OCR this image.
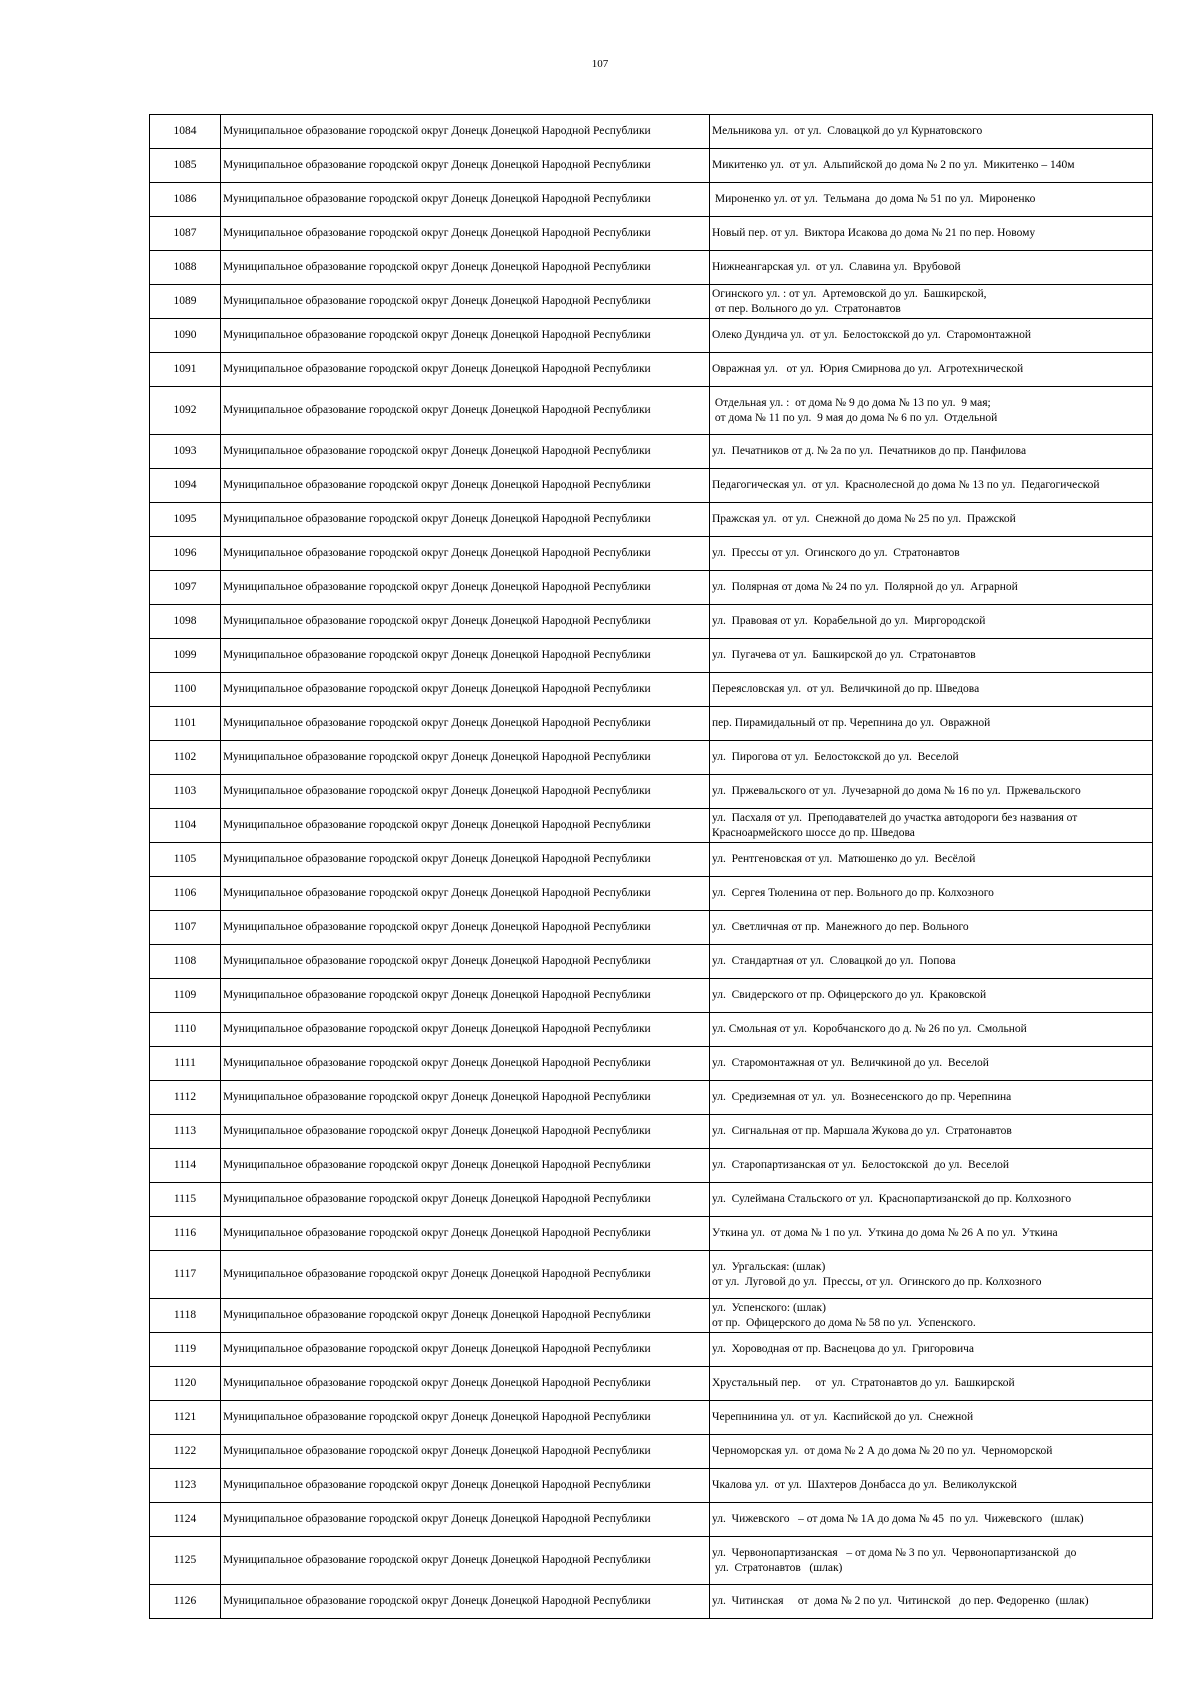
107
1084	Муниципальное образование городской округ Донецк Донецкой Народной Республики	Мельникова ул.  от ул.  Словацкой до ул Курнатовского
1085	Муниципальное образование городской округ Донецк Донецкой Народной Республики	Микитенко ул.  от ул.  Альпийской до дома № 2 по ул.  Микитенко – 140м
1086	Муниципальное образование городской округ Донецк Донецкой Народной Республики	Мироненко ул. от ул.  Тельмана  до дома № 51 по ул.  Мироненко
1087	Муниципальное образование городской округ Донецк Донецкой Народной Республики	Новый пер. от ул.  Виктора Исакова до дома № 21 по пер. Новому
1088	Муниципальное образование городской округ Донецк Донецкой Народной Республики	Нижнеангарская ул.  от ул.  Славина ул.  Врубовой
1089	Муниципальное образование городской округ Донецк Донецкой Народной Республики	Огинского ул. : от ул.  Артемовской до ул.  Башкирской,
от пер. Вольного до ул.  Стратонавтов
1090	Муниципальное образование городской округ Донецк Донецкой Народной Республики	Олеко Дундича ул.  от ул.  Белостокской до ул.  Старомонтажной
1091	Муниципальное образование городской округ Донецк Донецкой Народной Республики	Овражная ул.   от ул.  Юрия Смирнова до ул.  Агротехнической
1092	Муниципальное образование городской округ Донецк Донецкой Народной Республики	Отдельная ул. :  от дома № 9 до дома № 13 по ул.  9 мая;
от дома № 11 по ул.  9 мая до дома № 6 по ул.  Отдельной
1093	Муниципальное образование городской округ Донецк Донецкой Народной Республики	ул.  Печатников от д. № 2а по ул.  Печатников до пр. Панфилова
1094	Муниципальное образование городской округ Донецк Донецкой Народной Республики	Педагогическая ул.  от ул.  Краснолесной до дома № 13 по ул.  Педагогической
1095	Муниципальное образование городской округ Донецк Донецкой Народной Республики	Пражская ул.  от ул.  Снежной до дома № 25 по ул.  Пражской
1096	Муниципальное образование городской округ Донецк Донецкой Народной Республики	ул.  Прессы от ул.  Огинского до ул.  Стратонавтов
1097	Муниципальное образование городской округ Донецк Донецкой Народной Республики	ул.  Полярная от дома № 24 по ул.  Полярной до ул.  Аграрной
1098	Муниципальное образование городской округ Донецк Донецкой Народной Республики	ул.  Правовая от ул.  Корабельной до ул.  Миргородской
1099	Муниципальное образование городской округ Донецк Донецкой Народной Республики	ул.  Пугачева от ул.  Башкирской до ул.  Стратонавтов
1100	Муниципальное образование городской округ Донецк Донецкой Народной Республики	Переясловская ул.  от ул.  Величкиной до пр. Шведова
1101	Муниципальное образование городской округ Донецк Донецкой Народной Республики	пер. Пирамидальный от пр. Черепнина до ул.  Овражной
1102	Муниципальное образование городской округ Донецк Донецкой Народной Республики	ул.  Пирогова от ул.  Белостокской до ул.  Веселой
1103	Муниципальное образование городской округ Донецк Донецкой Народной Республики	ул.  Пржевальского от ул.  Лучезарной до дома № 16 по ул.  Пржевальского
1104	Муниципальное образование городской округ Донецк Донецкой Народной Республики	ул.  Пасхаля от ул.  Преподавателей до участка автодороги без названия от
Красноармейского шоссе до пр. Шведова
1105	Муниципальное образование городской округ Донецк Донецкой Народной Республики	ул.  Рентгеновская от ул.  Матюшенко до ул.  Весёлой
1106	Муниципальное образование городской округ Донецк Донецкой Народной Республики	ул.  Сергея Тюленина от пер. Вольного до пр. Колхозного
1107	Муниципальное образование городской округ Донецк Донецкой Народной Республики	ул.  Светличная от пр.  Манежного до пер. Вольного
1108	Муниципальное образование городской округ Донецк Донецкой Народной Республики	ул.  Стандартная от ул.  Словацкой до ул.  Попова
1109	Муниципальное образование городской округ Донецк Донецкой Народной Республики	ул.  Свидерского от пр. Офицерского до ул.  Краковской
1110	Муниципальное образование городской округ Донецк Донецкой Народной Республики	ул. Смольная от ул.  Коробчанского до д. № 26 по ул.  Смольной
1111	Муниципальное образование городской округ Донецк Донецкой Народной Республики	ул.  Старомонтажная от ул.  Величкиной до ул.  Веселой
1112	Муниципальное образование городской округ Донецк Донецкой Народной Республики	ул.  Средиземная от ул.  ул.  Вознесенского до пр. Черепнина
1113	Муниципальное образование городской округ Донецк Донецкой Народной Республики	ул.  Сигнальная от пр. Маршала Жукова до ул.  Стратонавтов
1114	Муниципальное образование городской округ Донецк Донецкой Народной Республики	ул.  Старопартизанская от ул.  Белостокской  до ул.  Веселой
1115	Муниципальное образование городской округ Донецк Донецкой Народной Республики	ул.  Сулеймана Стальского от ул.  Краснопартизанской до пр. Колхозного
1116	Муниципальное образование городской округ Донецк Донецкой Народной Республики	Уткина ул.  от дома № 1 по ул.  Уткина до дома № 26 А по ул.  Уткина
1117	Муниципальное образование городской округ Донецк Донецкой Народной Республики	ул.  Ургальская: (шлак)
от ул.  Луговой до ул.  Прессы, от ул.  Огинского до пр. Колхозного
1118	Муниципальное образование городской округ Донецк Донецкой Народной Республики	ул.  Успенского: (шлак)
от пр.  Офицерского до дома № 58 по ул.  Успенского.
1119	Муниципальное образование городской округ Донецк Донецкой Народной Республики	ул.  Хороводная от пр. Васнецова до ул.  Григоровича
1120	Муниципальное образование городской округ Донецк Донецкой Народной Республики	Хрустальный пер.     от  ул.  Стратонавтов до ул.  Башкирской
1121	Муниципальное образование городской округ Донецк Донецкой Народной Республики	Черепнинина ул.  от ул.  Каспийской до ул.  Снежной
1122	Муниципальное образование городской округ Донецк Донецкой Народной Республики	Черноморская ул.  от дома № 2 А до дома № 20 по ул.  Черноморской
1123	Муниципальное образование городской округ Донецк Донецкой Народной Республики	Чкалова ул.  от ул.  Шахтеров Донбасса до ул.  Великолукской
1124	Муниципальное образование городской округ Донецк Донецкой Народной Республики	ул.  Чижевского   – от дома № 1А до дома № 45  по ул.  Чижевского   (шлак)
1125	Муниципальное образование городской округ Донецк Донецкой Народной Республики	ул.  Червонопартизанская   – от дома № 3 по ул.  Червонопартизанской  до
ул.  Стратонавтов   (шлак)
1126	Муниципальное образование городской округ Донецк Донецкой Народной Республики	ул.  Читинская     от  дома № 2 по ул.  Читинской   до пер. Федоренко  (шлак)
